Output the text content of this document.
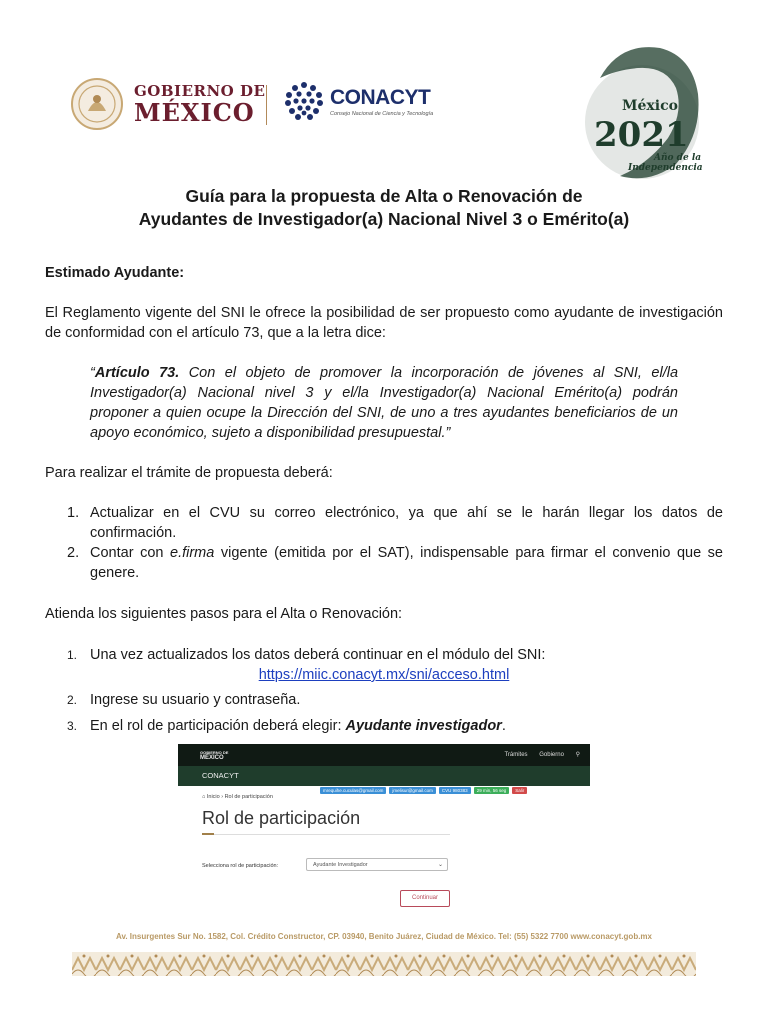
GOBIERNO DE
MÉXICO
CONACYT
Consejo Nacional de Ciencia y Tecnología	México
2021
Año de la
Independencia
Guía para la propuesta de Alta o Renovación de
Ayudantes de Investigador(a) Nacional Nivel 3 o Emérito(a)
Estimado Ayudante:
El Reglamento vigente del SNI le ofrece la posibilidad de ser propuesto como ayudante de investigación de conformidad con el artículo 73, que a la letra dice:
“Artículo 73. Con el objeto de promover la incorporación de jóvenes al SNI, el/la Investigador(a) Nacional nivel 3 y el/la Investigador(a) Nacional Emérito(a) podrán proponer a quien ocupe la Dirección del SNI, de uno a tres ayudantes beneficiarios de un apoyo económico, sujeto a disponibilidad presupuestal.”
Para realizar el trámite de propuesta deberá:
1. Actualizar en el CVU su correo electrónico, ya que ahí se le harán llegar los datos de confirmación.
2. Contar con e.firma vigente (emitida por el SAT), indispensable para firmar el convenio que se genere.
Atienda los siguientes pasos para el Alta o Renovación:
1. Una vez actualizados los datos deberá continuar en el módulo del SNI:
https://miic.conacyt.mx/sni/acceso.html
2. Ingrese su usuario y contraseña.
3. En el rol de participación deberá elegir: Ayudante investigador.
GOBIERNO DE
MÉXICO	Trámites Gobierno ⚲
CONACYT
mrequihe.cuculas@gmail.com	jmelisur@gmail.com	CVU 980383	29 min, 56 seg	Salir
⌂ Inicio › Rol de participación
Rol de participación
Selecciona rol de participación:	Ayudante Investigador	⌄
Continuar
Av. Insurgentes Sur No. 1582, Col. Crédito Constructor, CP. 03940, Benito Juárez, Ciudad de México. Tel: (55) 5322 7700 www.conacyt.gob.mx
